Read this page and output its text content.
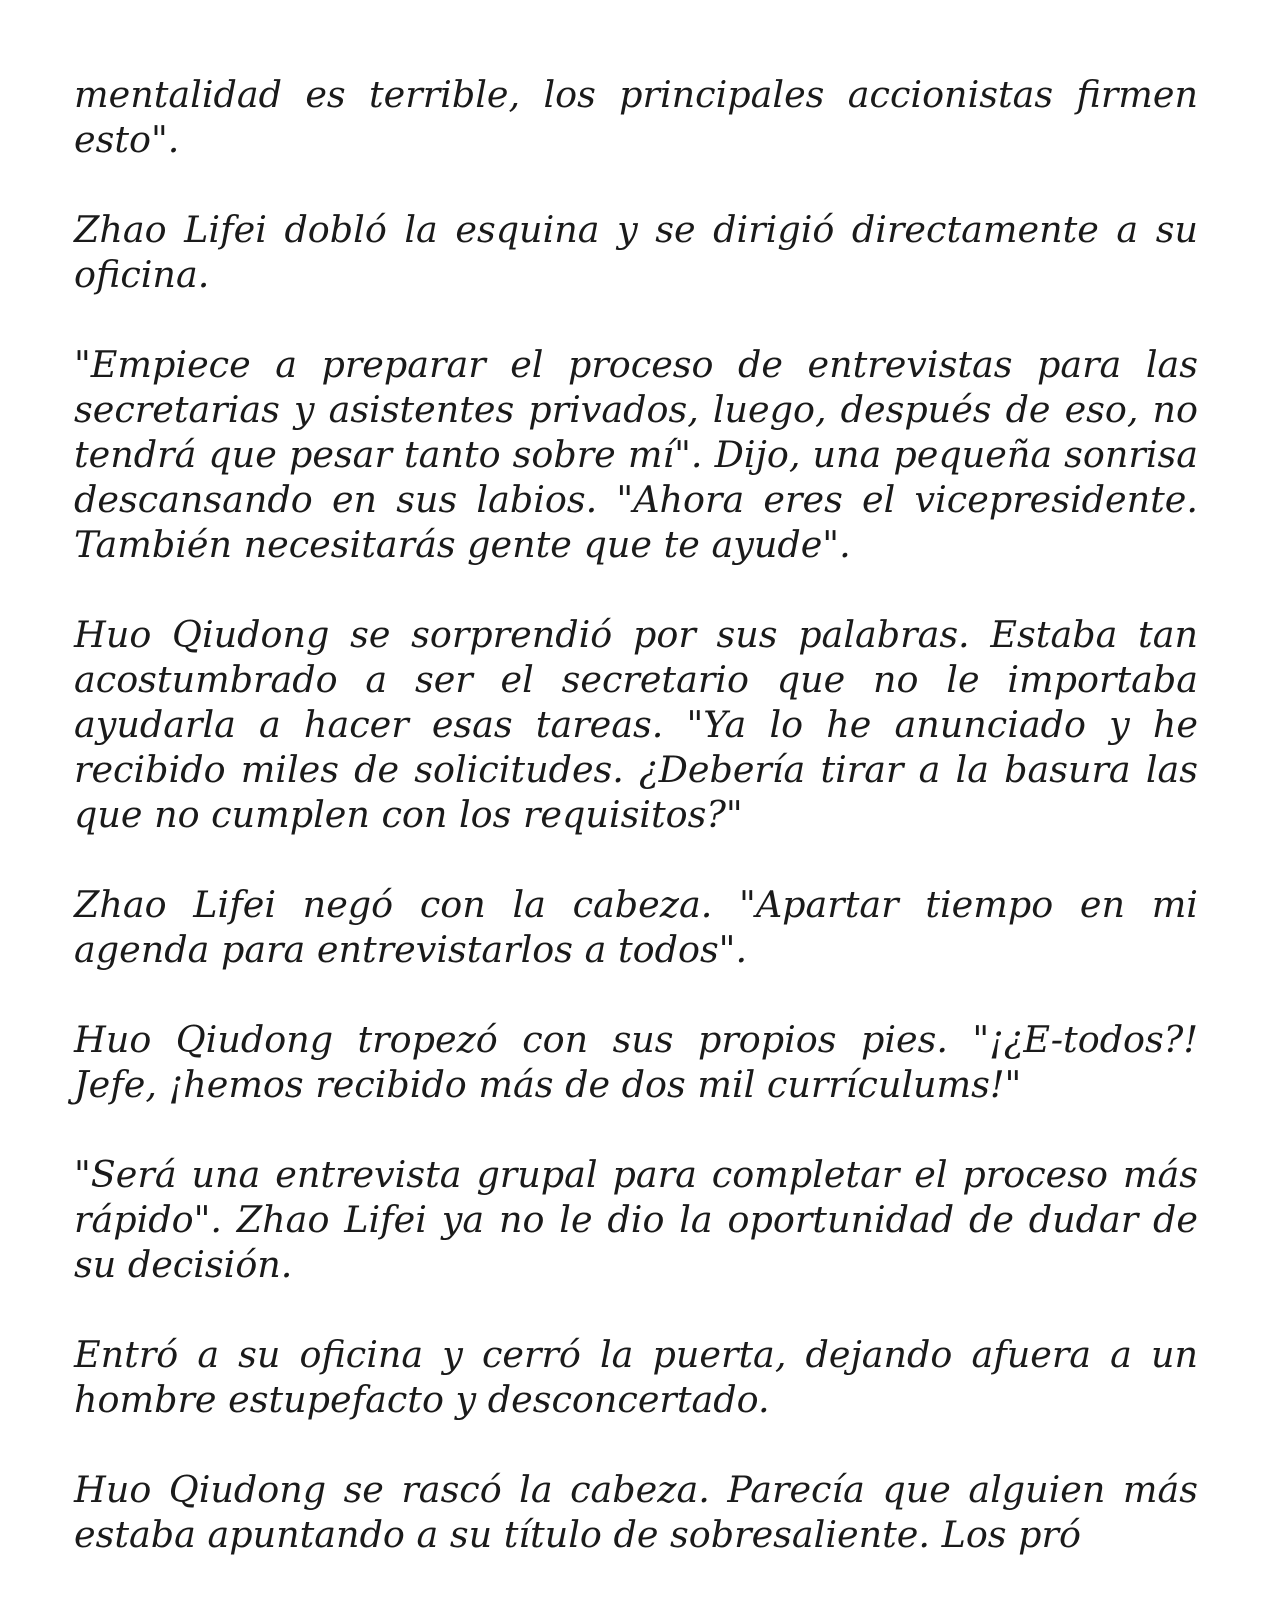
mentalidad es terrible, los principales accionistas firmen esto".

Zhao Lifei dobló la esquina y se dirigió directamente a su oficina.

"Empiece a preparar el proceso de entrevistas para las secretarias y asistentes privados, luego, después de eso, no tendrá que pesar tanto sobre mí". Dijo, una pequeña sonrisa descansando en sus labios. "Ahora eres el vicepresidente. También necesitarás gente que te ayude".

Huo Qiudong se sorprendió por sus palabras. Estaba tan acostumbrado a ser el secretario que no le importaba ayudarla a hacer esas tareas. "Ya lo he anunciado y he recibido miles de solicitudes. ¿Debería tirar a la basura las que no cumplen con los requisitos?"

Zhao Lifei negó con la cabeza. "Apartar tiempo en mi agenda para entrevistarlos a todos".

Huo Qiudong tropezó con sus propios pies. "¡¿E-todos?! Jefe, ¡hemos recibido más de dos mil currículums!"

"Será una entrevista grupal para completar el proceso más rápido". Zhao Lifei ya no le dio la oportunidad de dudar de su decisión.

Entró a su oficina y cerró la puerta, dejando afuera a un hombre estupefacto y desconcertado.

Huo Qiudong se rascó la cabeza. Parecía que alguien más estaba apuntando a su título de sobresaliente. Los pró
